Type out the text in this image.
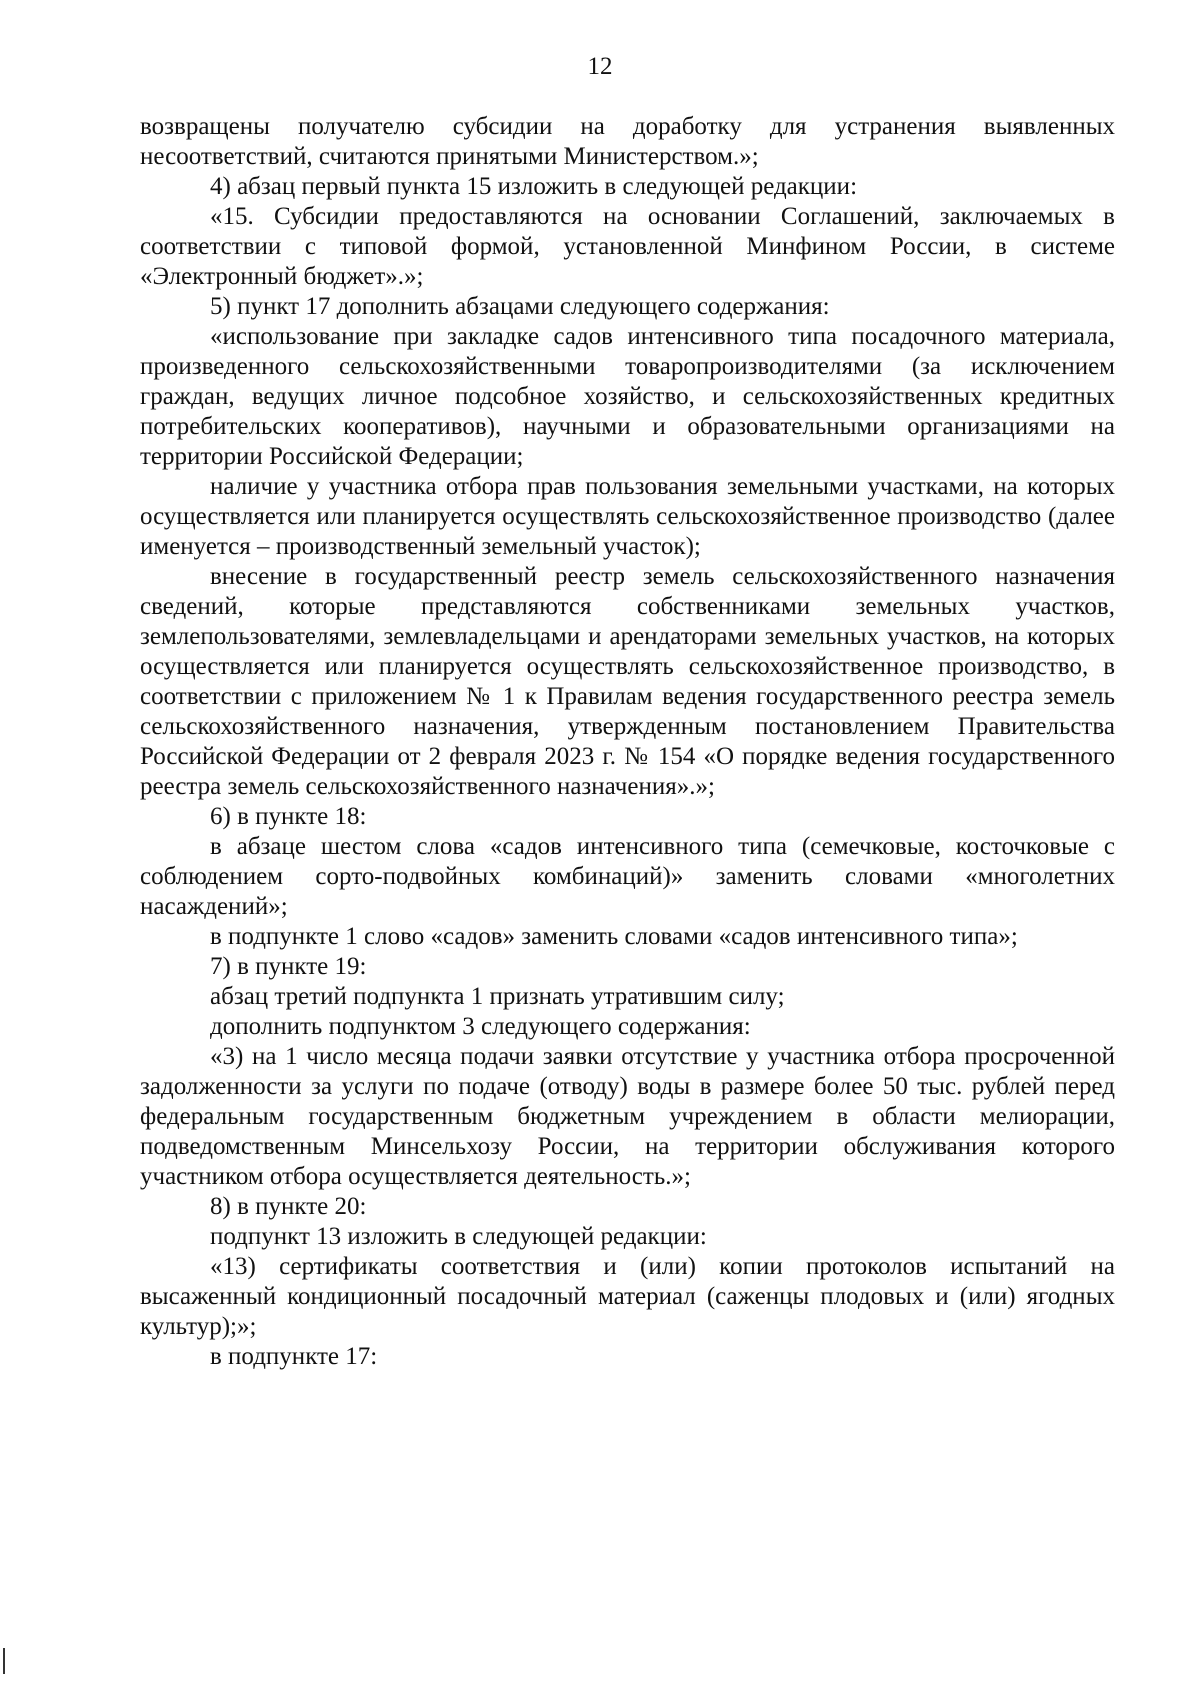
12

возвращены получателю субсидии на доработку для устранения выявленных несоответствий, считаются принятыми Министерством.»;

4) абзац первый пункта 15 изложить в следующей редакции:

«15. Субсидии предоставляются на основании Соглашений, заключаемых в соответствии с типовой формой, установленной Минфином России, в системе «Электронный бюджет».»;

5) пункт 17 дополнить абзацами следующего содержания:

«использование при закладке садов интенсивного типа посадочного материала, произведенного сельскохозяйственными товаропроизводителями (за исключением граждан, ведущих личное подсобное хозяйство, и сельскохозяйственных кредитных потребительских кооперативов), научными и образовательными организациями на территории Российской Федерации;

наличие у участника отбора прав пользования земельными участками, на которых осуществляется или планируется осуществлять сельскохозяйственное производство (далее именуется – производственный земельный участок);

внесение в государственный реестр земель сельскохозяйственного назначения сведений, которые представляются собственниками земельных участков, землепользователями, землевладельцами и арендаторами земельных участков, на которых осуществляется или планируется осуществлять сельскохозяйственное производство, в соответствии с приложением № 1 к Правилам ведения государственного реестра земель сельскохозяйственного назначения, утвержденным постановлением Правительства Российской Федерации от 2 февраля 2023 г. № 154 «О порядке ведения государственного реестра земель сельскохозяйственного назначения».»;

6) в пункте 18:

в абзаце шестом слова «садов интенсивного типа (семечковые, косточковые с соблюдением сорто-подвойных комбинаций)» заменить словами «многолетних насаждений»;

в подпункте 1 слово «садов» заменить словами «садов интенсивного типа»;

7) в пункте 19:

абзац третий подпункта 1 признать утратившим силу;

дополнить подпунктом 3 следующего содержания:

«3) на 1 число месяца подачи заявки отсутствие у участника отбора просроченной задолженности за услуги по подаче (отводу) воды в размере более 50 тыс. рублей перед федеральным государственным бюджетным учреждением в области мелиорации, подведомственным Минсельхозу России, на территории обслуживания которого участником отбора осуществляется деятельность.»;

8) в пункте 20:

подпункт 13 изложить в следующей редакции:

«13) сертификаты соответствия и (или) копии протоколов испытаний на высаженный кондиционный посадочный материал (саженцы плодовых и (или) ягодных культур);»;

в подпункте 17:
